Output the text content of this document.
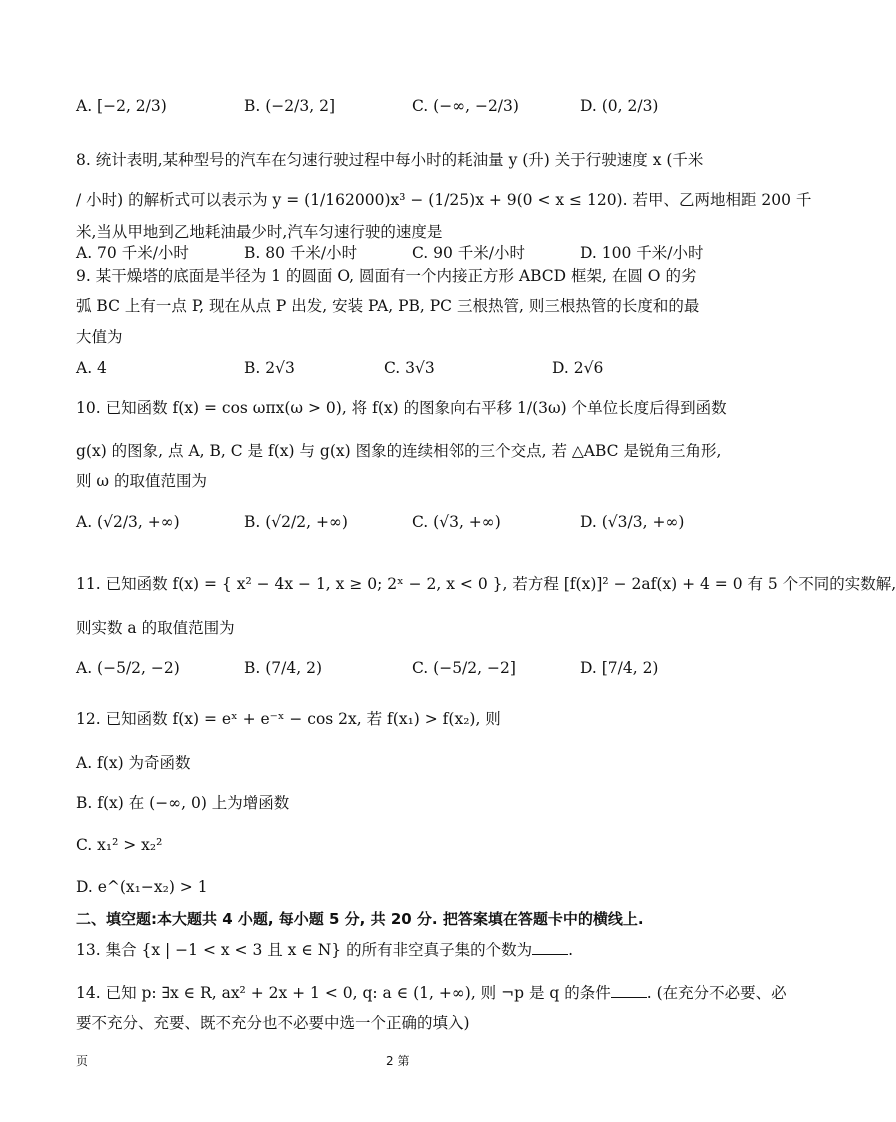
A. [−2, 2/3)	B. (−2/3, 2]	C. (−∞, −2/3)	D. (0, 2/3)
8. 统计表明,某种型号的汽车在匀速行驶过程中每小时的耗油量 y (升) 关于行驶速度 x (千米
/ 小时) 的解析式可以表示为 y = (1/162000)x³ − (1/25)x + 9(0 < x ≤ 120). 若甲、乙两地相距 200 千
米,当从甲地到乙地耗油最少时,汽车匀速行驶的速度是
A. 70 千米/小时	B. 80 千米/小时	C. 90 千米/小时	D. 100 千米/小时
9. 某干燥塔的底面是半径为 1 的圆面 O, 圆面有一个内接正方形 ABCD 框架, 在圆 O 的劣
弧 BC 上有一点 P, 现在从点 P 出发, 安装 PA, PB, PC 三根热管, 则三根热管的长度和的最
大值为
A. 4	B. 2√3	C. 3√3	D. 2√6
10. 已知函数 f(x) = cos ωπx(ω > 0), 将 f(x) 的图象向右平移 1/(3ω) 个单位长度后得到函数
g(x) 的图象, 点 A, B, C 是 f(x) 与 g(x) 图象的连续相邻的三个交点, 若 △ABC 是锐角三角形,
则 ω 的取值范围为
A. (√2/3, +∞)	B. (√2/2, +∞)	C. (√3, +∞)	D. (√3/3, +∞)
11. 已知函数 f(x) = { x² − 4x − 1, x ≥ 0; 2ˣ − 2, x < 0 }, 若方程 [f(x)]² − 2af(x) + 4 = 0 有 5 个不同的实数解,
则实数 a 的取值范围为
A. (−5/2, −2)	B. (7/4, 2)	C. (−5/2, −2]	D. [7/4, 2)
12. 已知函数 f(x) = eˣ + e⁻ˣ − cos 2x, 若 f(x₁) > f(x₂), 则
A. f(x) 为奇函数
B. f(x) 在 (−∞, 0) 上为增函数
C. x₁² > x₂²
D. e^(x₁−x₂) > 1
二、填空题:本大题共 4 小题, 每小题 5 分, 共 20 分. 把答案填在答题卡中的横线上.
13. 集合 {x | −1 < x < 3 且 x ∈ N} 的所有非空真子集的个数为 .
14. 已知 p: ∃x ∈ R, ax² + 2x + 1 < 0, q: a ∈ (1, +∞), 则 ¬p 是 q 的条件 . (在充分不必要、必
要不充分、充要、既不充分也不必要中选一个正确的填入)
页	2 第
